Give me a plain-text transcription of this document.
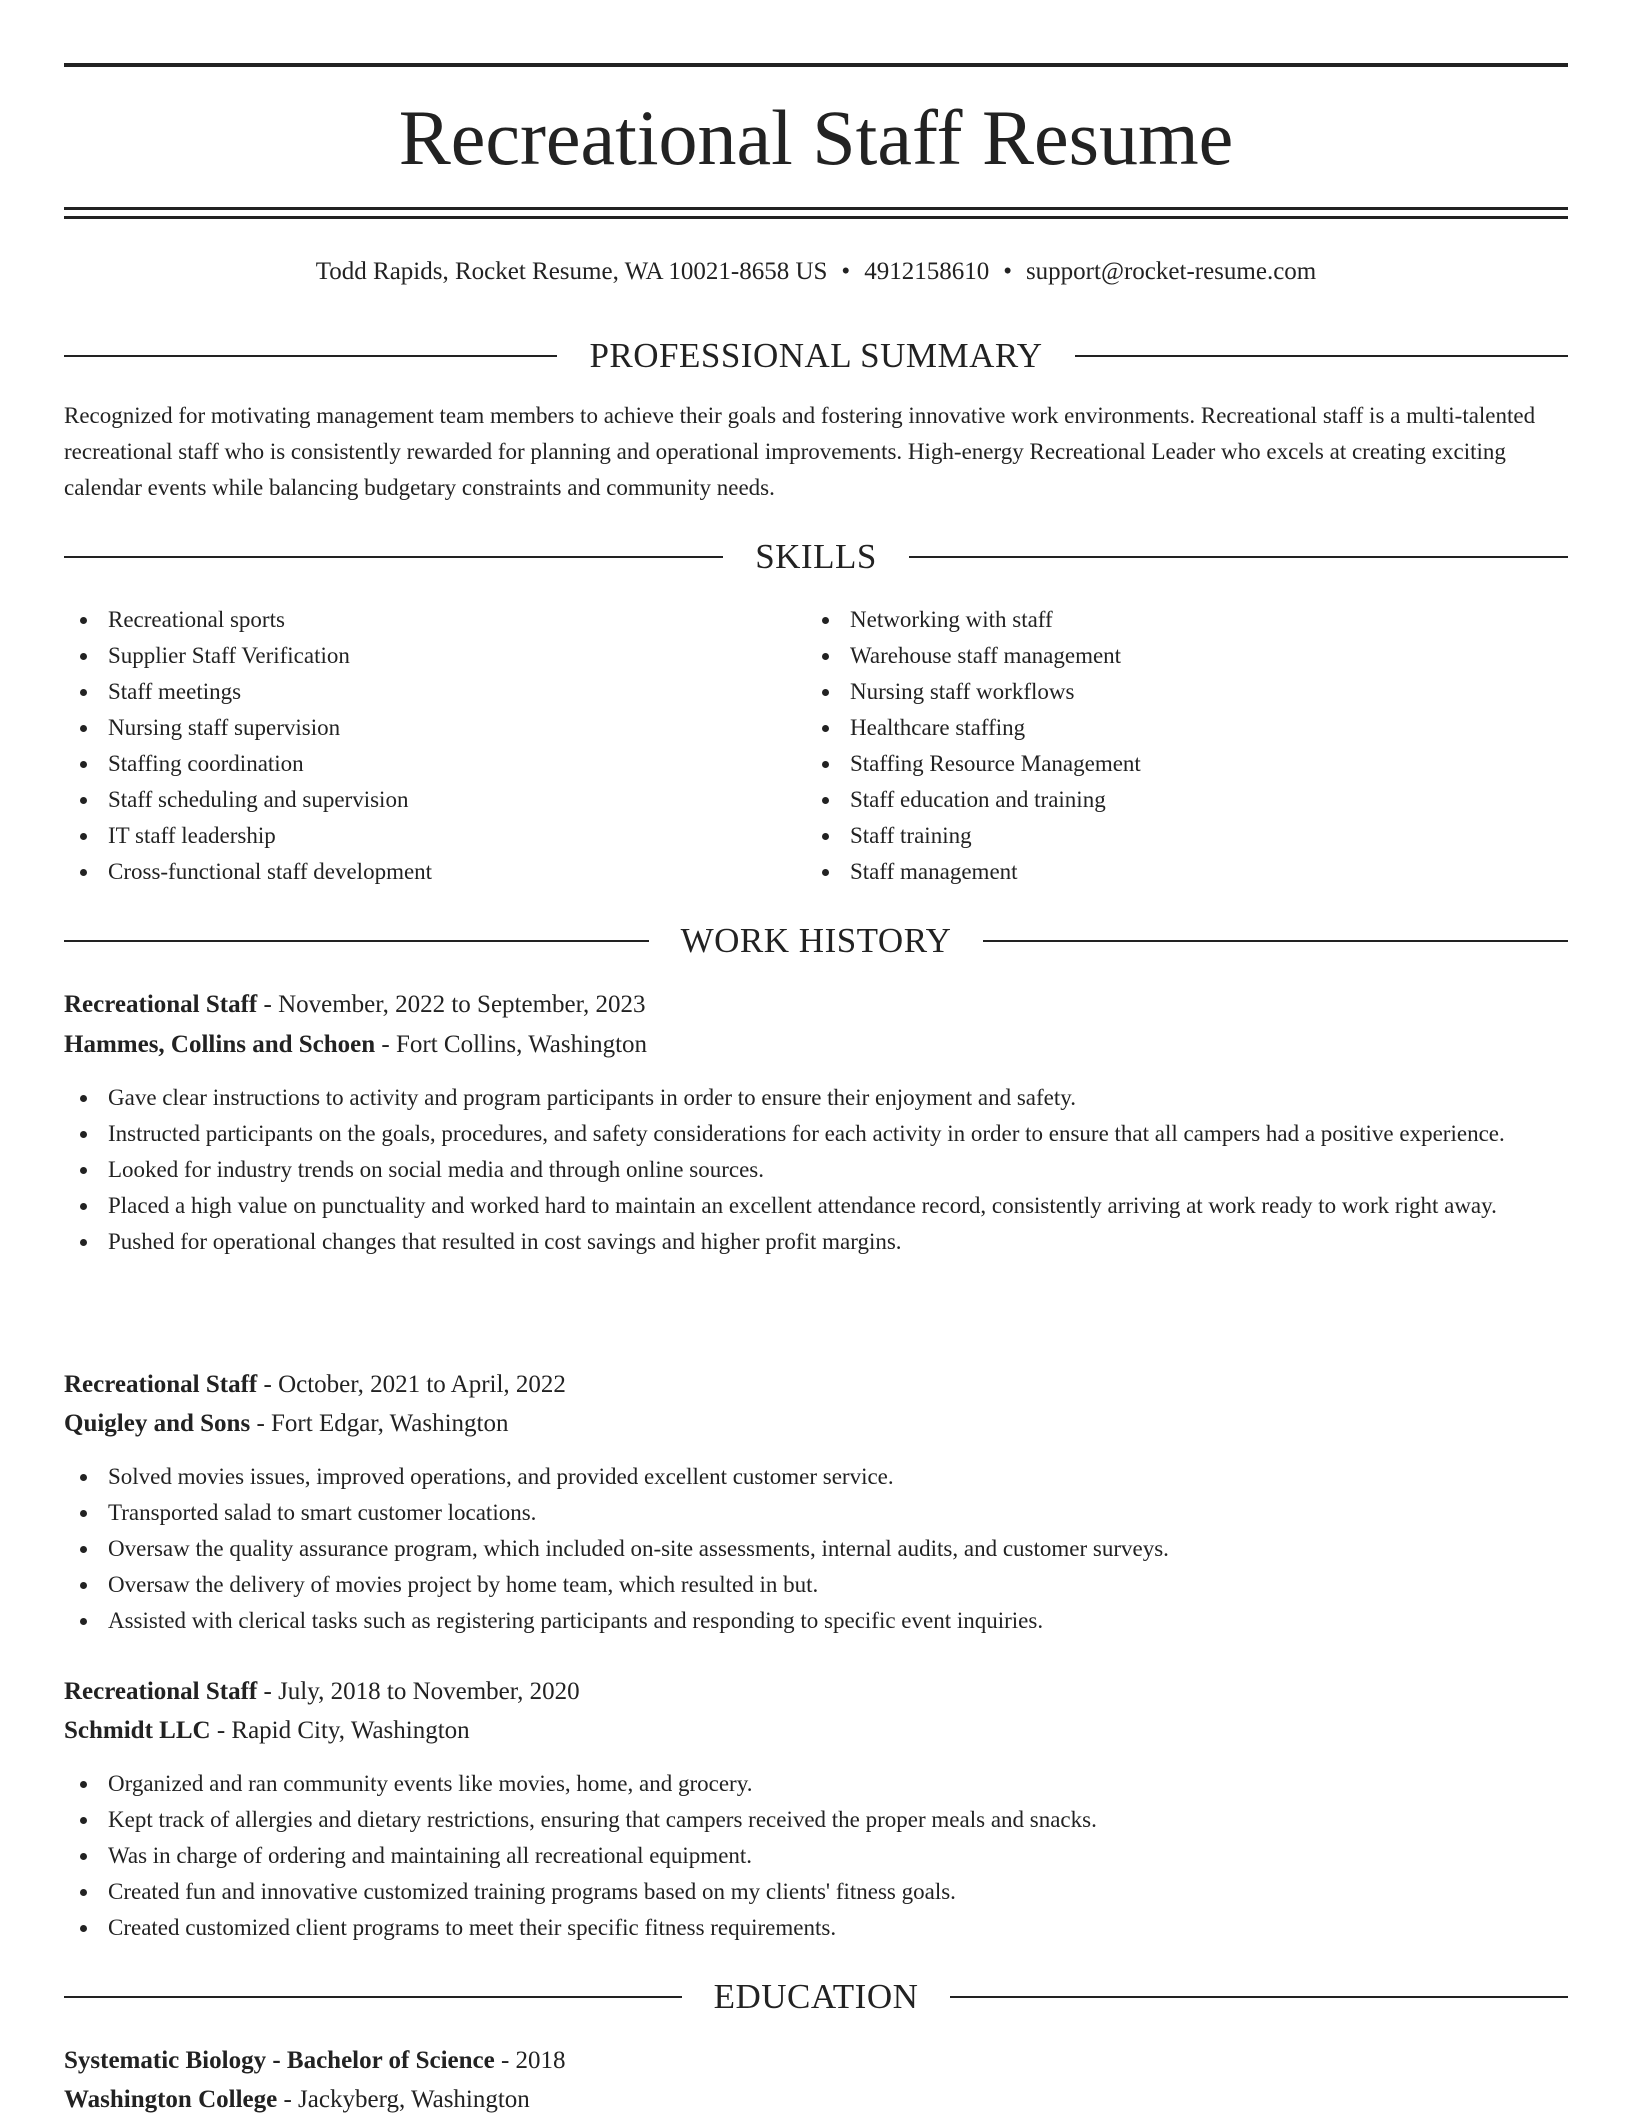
Recreational Staff Resume
Todd Rapids, Rocket Resume, WA 10021-8658 US • 4912158610 • support@rocket-resume.com
PROFESSIONAL SUMMARY

Recognized for motivating management team members to achieve their goals and fostering innovative work environments. Recreational staff is a multi-talented recreational staff who is consistently rewarded for planning and operational improvements. High-energy Recreational Leader who excels at creating exciting calendar events while balancing budgetary constraints and community needs.

SKILLS
Recreational sports
Supplier Staff Verification
Staff meetings
Nursing staff supervision
Staffing coordination
Staff scheduling and supervision
IT staff leadership
Cross-functional staff development
Networking with staff
Warehouse staff management
Nursing staff workflows
Healthcare staffing
Staffing Resource Management
Staff education and training
Staff training
Staff management
WORK HISTORY
Recreational Staff - November, 2022 to September, 2023
Hammes, Collins and Schoen - Fort Collins, Washington
Gave clear instructions to activity and program participants in order to ensure their enjoyment and safety.
Instructed participants on the goals, procedures, and safety considerations for each activity in order to ensure that all campers had a positive experience.
Looked for industry trends on social media and through online sources.
Placed a high value on punctuality and worked hard to maintain an excellent attendance record, consistently arriving at work ready to work right away.
Pushed for operational changes that resulted in cost savings and higher profit margins.
Recreational Staff - October, 2021 to April, 2022
Quigley and Sons - Fort Edgar, Washington
Solved movies issues, improved operations, and provided excellent customer service.
Transported salad to smart customer locations.
Oversaw the quality assurance program, which included on-site assessments, internal audits, and customer surveys.
Oversaw the delivery of movies project by home team, which resulted in but.
Assisted with clerical tasks such as registering participants and responding to specific event inquiries.
Recreational Staff - July, 2018 to November, 2020
Schmidt LLC - Rapid City, Washington
Organized and ran community events like movies, home, and grocery.
Kept track of allergies and dietary restrictions, ensuring that campers received the proper meals and snacks.
Was in charge of ordering and maintaining all recreational equipment.
Created fun and innovative customized training programs based on my clients' fitness goals.
Created customized client programs to meet their specific fitness requirements.
EDUCATION
Systematic Biology - Bachelor of Science - 2018
Washington College - Jackyberg, Washington
